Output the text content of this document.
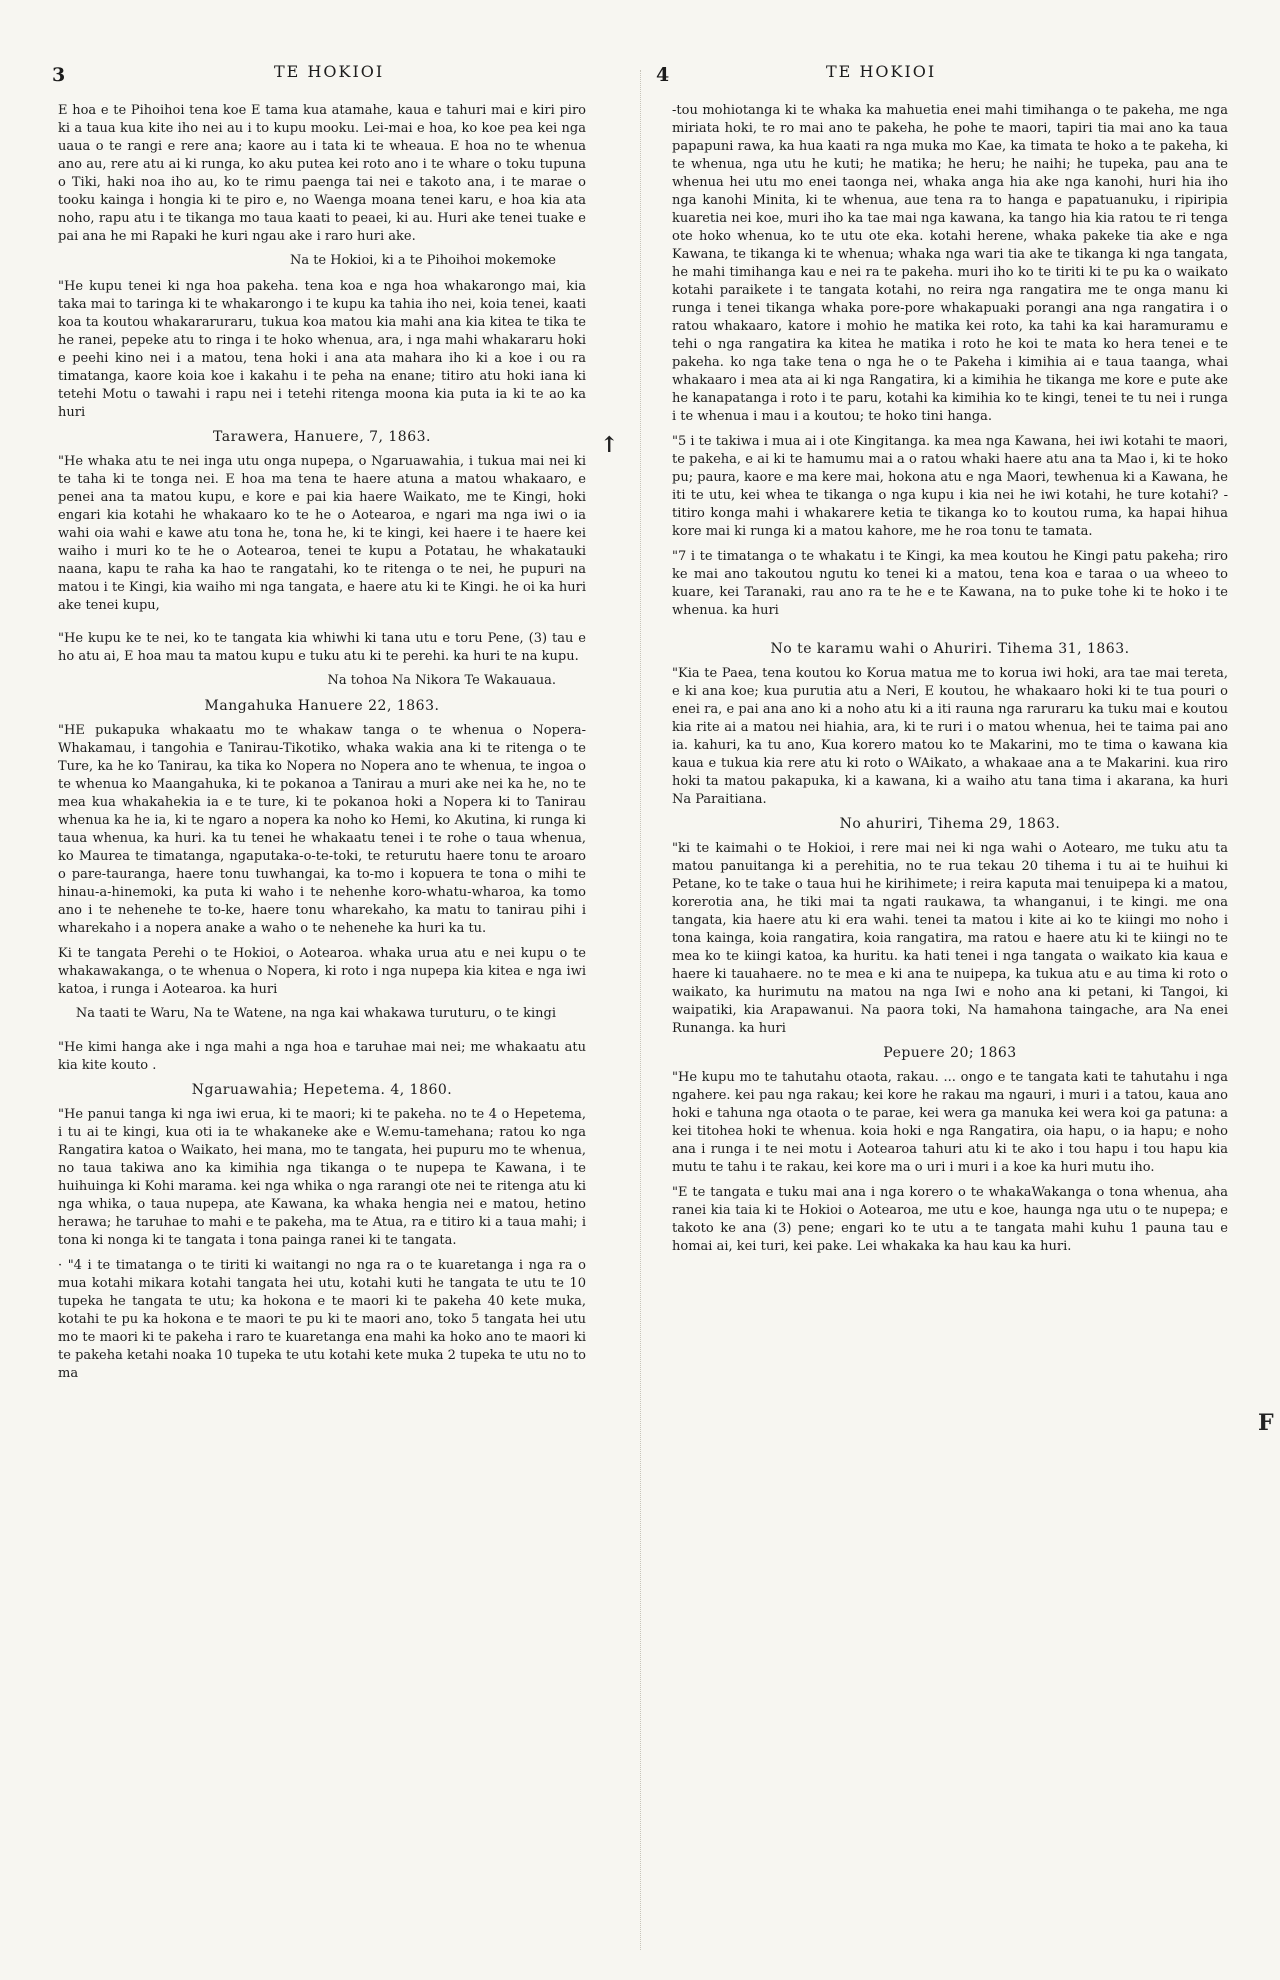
3	TE HOKIOI

E hoa e te Pihoihoi tena koe E tama kua atamahe, kaua e tahuri mai e kiri piro ki a taua kua kite iho nei au i to kupu mooku. Lei-mai e hoa, ko koe pea kei nga uaua o te rangi e rere ana; kaore au i tata ki te wheaua. E hoa no te whenua ano au, rere atu ai ki runga, ko aku putea kei roto ano i te whare o toku tupuna o Tiki, haki noa iho au, ko te rimu paenga tai nei e takoto ana, i te marae o tooku kainga i hongia ki te piro e, no Waenga moana tenei karu, e hoa kia ata noho, rapu atu i te tikanga mo taua kaati to peaei, ki au. Huri ake tenei tuake e pai ana he mi Rapaki he kuri ngau ake i raro huri ake.

Na te Hokioi, ki a te Pihoihoi mokemoke

"He kupu tenei ki nga hoa pakeha. tena koa e nga hoa whakarongo mai, kia taka mai to taringa ki te whakarongo i te kupu ka tahia iho nei, koia tenei, kaati koa ta koutou whakararuraru, tukua koa matou kia mahi ana kia kitea te tika te he ranei, pepeke atu to ringa i te hoko whenua, ara, i nga mahi whakararu hoki e peehi kino nei i a matou, tena hoki i ana ata mahara iho ki a koe i ou ra timatanga, kaore koia koe i kakahu i te peha na enane; titiro atu hoki iana ki tetehi Motu o tawahi i rapu nei i tetehi ritenga moona kia puta ia ki te ao ka huri

Tarawera, Hanuere, 7, 1863.

"He whaka atu te nei inga utu onga nupepa, o Ngaruawahia, i tukua mai nei ki te taha ki te tonga nei. E hoa ma tena te haere atuna a matou whakaaro, e penei ana ta matou kupu, e kore e pai kia haere Waikato, me te Kingi, hoki engari kia kotahi he whakaaro ko te he o Aotearoa, e ngari ma nga iwi o ia wahi oia wahi e kawe atu tona he, tona he, ki te kingi, kei haere i te haere kei waiho i muri ko te he o Aotearoa, tenei te kupu a Potatau, he whakatauki naana, kapu te raha ka hao te rangatahi, ko te ritenga o te nei, he pupuri na matou i te Kingi, kia waiho mi nga tangata, e haere atu ki te Kingi. he oi ka huri ake tenei kupu,

"He kupu ke te nei, ko te tangata kia whiwhi ki tana utu e toru Pene, (3) tau e ho atu ai, E hoa mau ta matou kupu e tuku atu ki te perehi. ka huri te na kupu.

Na tohoa Na Nikora Te Wakauaua.
Mangahuka Hanuere 22, 1863.

"HE pukapuka whakaatu mo te whakaw tanga o te whenua o Nopera-Whakamau, i tangohia e Tanirau-Tikotiko, whaka wakia ana ki te ritenga o te Ture, ka he ko Tanirau, ka tika ko Nopera no Nopera ano te whenua, te ingoa o te whenua ko Maangahuka, ki te pokanoa a Tanirau a muri ake nei ka he, no te mea kua whakahekia ia e te ture, ki te pokanoa hoki a Nopera ki to Tanirau whenua ka he ia, ki te ngaro a nopera ka noho ko Hemi, ko Akutina, ki runga ki taua whenua, ka huri. ka tu tenei he whakaatu tenei i te rohe o taua whenua, ko Maurea te timatanga, ngaputaka-o-te-toki, te returutu haere tonu te aroaro o pare-tauranga, haere tonu tuwhangai, ka to-mo i kopuera te tona o mihi te hinau-a-hinemoki, ka puta ki waho i te nehenhe koro-whatu-wharoa, ka tomo ano i te nehenehe te to-ke, haere tonu wharekaho, ka matu to tanirau pihi i wharekaho i a nopera anake a waho o te nehenehe ka huri ka tu.

Ki te tangata Perehi o te Hokioi, o Aotearoa. whaka urua atu e nei kupu o te whakawakanga, o te whenua o Nopera, ki roto i nga nupepa kia kitea e nga iwi katoa, i runga i Aotearoa. ka huri

Na taati te Waru, Na te Watene, na nga kai whakawa turuturu, o te kingi

"He kimi hanga ake i nga mahi a nga hoa e taruhae mai nei; me whakaatu atu kia kite kouto .

Ngaruawahia; Hepetema. 4, 1860.

"He panui tanga ki nga iwi erua, ki te maori; ki te pakeha. no te 4 o Hepetema, i tu ai te kingi, kua oti ia te whakaneke ake e W.emu-tamehana; ratou ko nga Rangatira katoa o Waikato, hei mana, mo te tangata, hei pupuru mo te whenua, no taua takiwa ano ka kimihia nga tikanga o te nupepa te Kawana, i te huihuinga ki Kohi marama. kei nga whika o nga rarangi ote nei te ritenga atu ki nga whika, o taua nupepa, ate Kawana, ka whaka hengia nei e matou, hetino herawa; he taruhae to mahi e te pakeha, ma te Atua, ra e titiro ki a taua mahi; i tona ki nonga ki te tangata i tona painga ranei ki te tangata.

· "4 i te timatanga o te tiriti ki waitangi no nga ra o te kuaretanga i nga ra o mua kotahi mikara kotahi tangata hei utu, kotahi kuti he tangata te utu te 10 tupeka he tangata te utu; ka hokona e te maori ki te pakeha 40 kete muka, kotahi te pu ka hokona e te maori te pu ki te maori ano, toko 5 tangata hei utu mo te maori ki te pakeha i raro te kuaretanga ena mahi ka hoko ano te maori ki te pakeha ketahi noaka 10 tupeka te utu kotahi kete muka 2 tupeka te utu no to ma

4	TE HOKIOI

-tou mohiotanga ki te whaka ka mahuetia enei mahi timihanga o te pakeha, me nga miriata hoki, te ro mai ano te pakeha, he pohe te maori, tapiri tia mai ano ka taua papapuni rawa, ka hua kaati ra nga muka mo Kae, ka timata te hoko a te pakeha, ki te whenua, nga utu he kuti; he matika; he heru; he naihi; he tupeka, pau ana te whenua hei utu mo enei taonga nei, whaka anga hia ake nga kanohi, huri hia iho nga kanohi Minita, ki te whenua, aue tena ra to hanga e papatuanuku, i ripiripia kuaretia nei koe, muri iho ka tae mai nga kawana, ka tango hia kia ratou te ri tenga ote hoko whenua, ko te utu ote eka. kotahi herene, whaka pakeke tia ake e nga Kawana, te tikanga ki te whenua; whaka nga wari tia ake te tikanga ki nga tangata, he mahi timihanga kau e nei ra te pakeha. muri iho ko te tiriti ki te pu ka o waikato kotahi paraikete i te tangata kotahi, no reira nga rangatira me te onga manu ki runga i tenei tikanga whaka pore-pore whakapuaki porangi ana nga rangatira i o ratou whakaaro, katore i mohio he matika kei roto, ka tahi ka kai haramuramu e tehi o nga rangatira ka kitea he matika i roto he koi te mata ko hera tenei e te pakeha. ko nga take tena o nga he o te Pakeha i kimihia ai e taua taanga, whai whakaaro i mea ata ai ki nga Rangatira, ki a kimihia he tikanga me kore e pute ake he kanapatanga i roto i te paru, kotahi ka kimihia ko te kingi, tenei te tu nei i runga i te whenua i mau i a koutou; te hoko tini hanga.

"5 i te takiwa i mua ai i ote Kingitanga. ka mea nga Kawana, hei iwi kotahi te maori, te pakeha, e ai ki te hamumu mai a o ratou whaki haere atu ana ta Mao i, ki te hoko pu; paura, kaore e ma kere mai, hokona atu e nga Maori, tewhenua ki a Kawana, he iti te utu, kei whea te tikanga o nga kupu i kia nei he iwi kotahi, he ture kotahi? - titiro konga mahi i whakarere ketia te tikanga ko to koutou ruma, ka hapai hihua kore mai ki runga ki a matou kahore, me he roa tonu te tamata.

"7 i te timatanga o te whakatu i te Kingi, ka mea koutou he Kingi patu pakeha; riro ke mai ano takoutou ngutu ko tenei ki a matou, tena koa e taraa o ua wheeo to kuare, kei Taranaki, rau ano ra te he e te Kawana, na to puke tohe ki te hoko i te whenua. ka huri

No te karamu wahi o Ahuriri. Tihema 31, 1863.

"Kia te Paea, tena koutou ko Korua matua me to korua iwi hoki, ara tae mai tereta, e ki ana koe; kua purutia atu a Neri, E koutou, he whakaaro hoki ki te tua pouri o enei ra, e pai ana ano ki a noho atu ki a iti rauna nga raruraru ka tuku mai e koutou kia rite ai a matou nei hiahia, ara, ki te ruri i o matou whenua, hei te taima pai ano ia. kahuri, ka tu ano, Kua korero matou ko te Makarini, mo te tima o kawana kia kaua e tukua kia rere atu ki roto o WAikato, a whakaae ana a te Makarini. kua riro hoki ta matou pakapuka, ki a kawana, ki a waiho atu tana tima i akarana, ka huri Na Paraitiana.

No ahuriri, Tihema 29, 1863.

"ki te kaimahi o te Hokioi, i rere mai nei ki nga wahi o Aotearo, me tuku atu ta matou panuitanga ki a perehitia, no te rua tekau 20 tihema i tu ai te huihui ki Petane, ko te take o taua hui he kirihimete; i reira kaputa mai tenuipepa ki a matou, korerotia ana, he tiki mai ta ngati raukawa, ta whanganui, i te kingi. me ona tangata, kia haere atu ki era wahi. tenei ta matou i kite ai ko te kiingi mo noho i tona kainga, koia rangatira, koia rangatira, ma ratou e haere atu ki te kiingi no te mea ko te kiingi katoa, ka huritu. ka hati tenei i nga tangata o waikato kia kaua e haere ki tauahaere. no te mea e ki ana te nuipepa, ka tukua atu e au tima ki roto o waikato, ka hurimutu na matou na nga Iwi e noho ana ki petani, ki Tangoi, ki waipatiki, kia Arapawanui. Na paora toki, Na hamahona taingache, ara Na enei Runanga. ka huri

Pepuere 20; 1863

"He kupu mo te tahutahu otaota, rakau. ... ongo e te tangata kati te tahutahu i nga ngahere. kei pau nga rakau; kei kore he rakau ma ngauri, i muri i a tatou, kaua ano hoki e tahuna nga otaota o te parae, kei wera ga manuka kei wera koi ga patuna: a kei titohea hoki te whenua. koia hoki e nga Rangatira, oia hapu, o ia hapu; e noho ana i runga i te nei motu i Aotearoa tahuri atu ki te ako i tou hapu i tou hapu kia mutu te tahu i te rakau, kei kore ma o uri i muri i a koe ka huri mutu iho.

"E te tangata e tuku mai ana i nga korero o te whakaWakanga o tona whenua, aha ranei kia taia ki te Hokioi o Aotearoa, me utu e koe, haunga nga utu o te nupepa; e takoto ke ana (3) pene; engari ko te utu a te tangata mahi kuhu 1 pauna tau e homai ai, kei turi, kei pake. Lei whakaka ka hau kau ka huri.

↑
F
